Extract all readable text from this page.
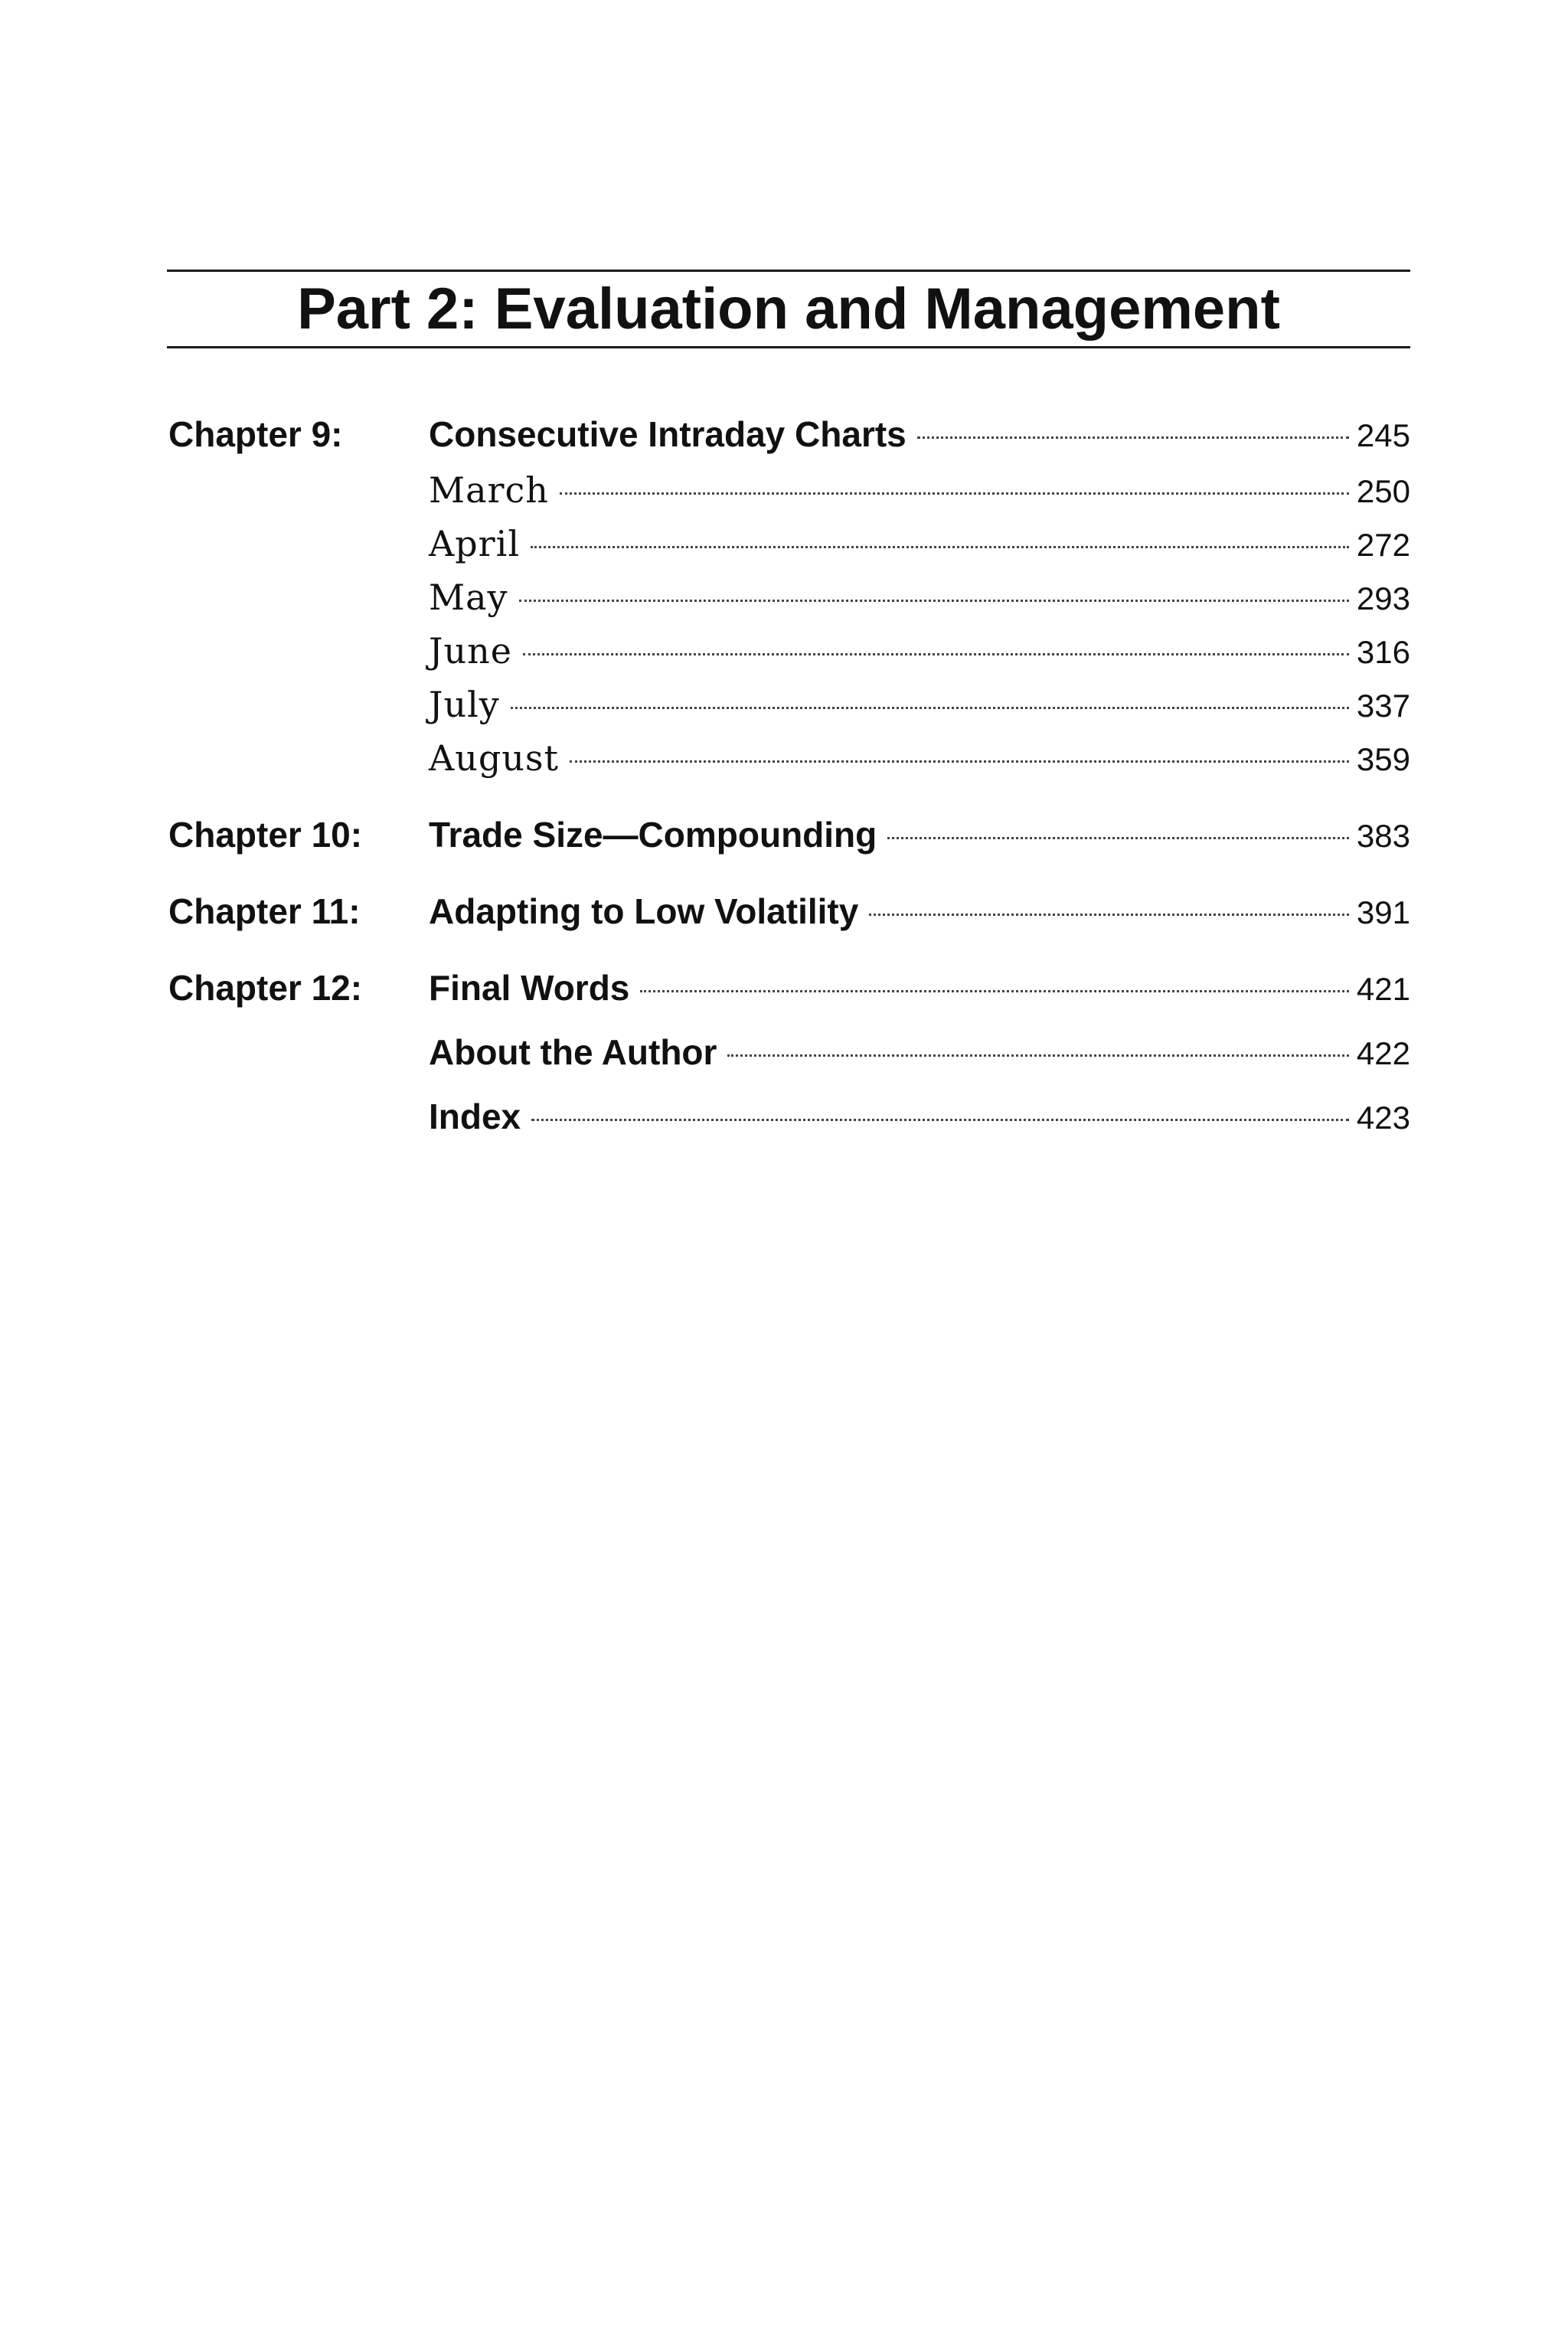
Part 2: Evaluation and Management
Chapter 9: Consecutive Intraday Charts	245
March	250
April	272
May	293
June	316
July	337
August	359
Chapter 10: Trade Size—Compounding	383
Chapter 11: Adapting to Low Volatility	391
Chapter 12: Final Words	421
About the Author	422
Index	423
